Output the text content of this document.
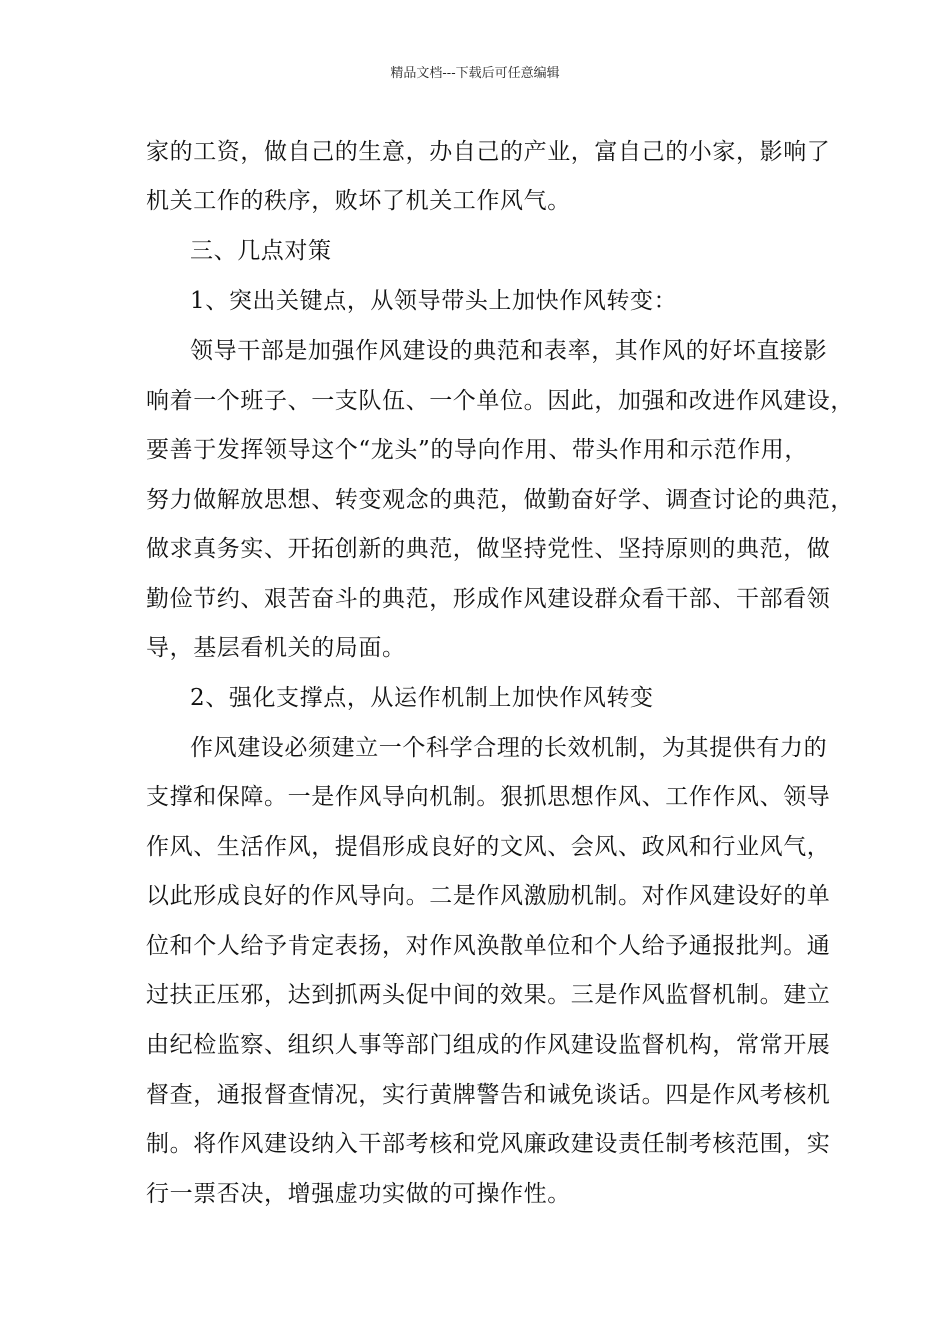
精品文档---下载后可任意编辑
家的工资，做自己的生意，办自己的产业，富自己的小家，影响了
机关工作的秩序，败坏了机关工作风气。
三、几点对策
1、突出关键点，从领导带头上加快作风转变：
领导干部是加强作风建设的典范和表率，其作风的好坏直接影
响着一个班子、一支队伍、一个单位。因此，加强和改进作风建设，
要善于发挥领导这个“龙头”的导向作用、带头作用和示范作用，
努力做解放思想、转变观念的典范，做勤奋好学、调查讨论的典范，
做求真务实、开拓创新的典范，做坚持党性、坚持原则的典范，做
勤俭节约、艰苦奋斗的典范，形成作风建设群众看干部、干部看领
导，基层看机关的局面。
2、强化支撑点，从运作机制上加快作风转变
作风建设必须建立一个科学合理的长效机制，为其提供有力的
支撑和保障。一是作风导向机制。狠抓思想作风、工作作风、领导
作风、生活作风，提倡形成良好的文风、会风、政风和行业风气，
以此形成良好的作风导向。二是作风激励机制。对作风建设好的单
位和个人给予肯定表扬，对作风涣散单位和个人给予通报批判。通
过扶正压邪，达到抓两头促中间的效果。三是作风监督机制。建立
由纪检监察、组织人事等部门组成的作风建设监督机构，常常开展
督查，通报督查情况，实行黄牌警告和诫免谈话。四是作风考核机
制。将作风建设纳入干部考核和党风廉政建设责任制考核范围，实
行一票否决，增强虚功实做的可操作性。
